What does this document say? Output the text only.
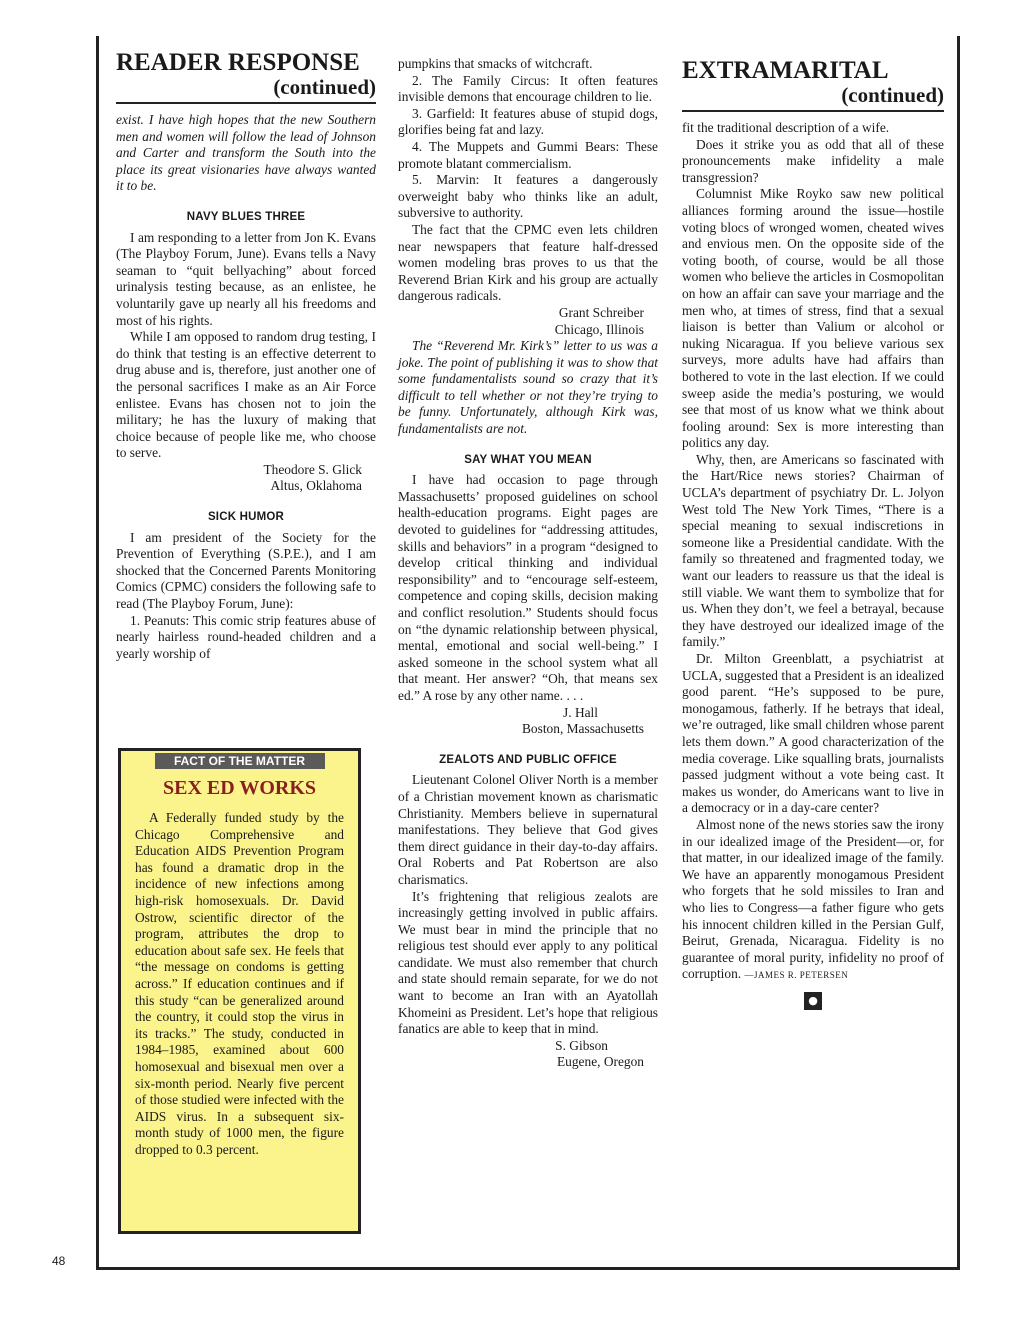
READER RESPONSE
(continued)

exist. I have high hopes that the new Southern men and women will follow the lead of Johnson and Carter and transform the South into the place its great visionaries have always wanted it to be.

NAVY BLUES THREE

I am responding to a letter from Jon K. Evans (The Playboy Forum, June). Evans tells a Navy seaman to “quit bellyaching” about forced urinalysis testing because, as an enlistee, he voluntarily gave up nearly all his freedoms and most of his rights.

While I am opposed to random drug testing, I do think that testing is an effective deterrent to drug abuse and is, therefore, just another one of the personal sacrifices I make as an Air Force enlistee. Evans has chosen not to join the military; he has the luxury of making that choice because of people like me, who choose to serve.

Theodore S. Glick

Altus, Oklahoma

SICK HUMOR

I am president of the Society for the Prevention of Everything (S.P.E.), and I am shocked that the Concerned Parents Monitoring Comics (CPMC) considers the following safe to read (The Playboy Forum, June):

1. Peanuts: This comic strip features abuse of nearly hairless round-headed children and a yearly worship of

FACT OF THE MATTER
SEX ED WORKS

A Federally funded study by the Chicago Comprehensive and Education AIDS Prevention Program has found a dramatic drop in the incidence of new infections among high-risk homosexuals. Dr. David Ostrow, scientific director of the program, attributes the drop to education about safe sex. He feels that “the message on condoms is getting across.” If education continues and if this study “can be generalized around the country, it could stop the virus in its tracks.” The study, conducted in 1984–1985, examined about 600 homosexual and bisexual men over a six-month period. Nearly five percent of those studied were infected with the AIDS virus. In a subsequent six-month study of 1000 men, the figure dropped to 0.3 percent.

pumpkins that smacks of witchcraft.

2. The Family Circus: It often features invisible demons that encourage children to lie.

3. Garfield: It features abuse of stupid dogs, glorifies being fat and lazy.

4. The Muppets and Gummi Bears: These promote blatant commercialism.

5. Marvin: It features a dangerously overweight baby who thinks like an adult, subversive to authority.

The fact that the CPMC even lets children near newspapers that feature half-dressed women modeling bras proves to us that the Reverend Brian Kirk and his group are actually dangerous radicals.

Grant Schreiber

Chicago, Illinois

The “Reverend Mr. Kirk’s” letter to us was a joke. The point of publishing it was to show that some fundamentalists sound so crazy that it’s difficult to tell whether or not they’re trying to be funny. Unfortunately, although Kirk was, fundamentalists are not.

SAY WHAT YOU MEAN

I have had occasion to page through Massachusetts’ proposed guidelines on school health-education programs. Eight pages are devoted to guidelines for “addressing attitudes, skills and behaviors” in a program “designed to develop critical thinking and individual responsibility” and to “encourage self-esteem, competence and coping skills, decision making and conflict resolution.” Students should focus on “the dynamic relationship between physical, mental, emotional and social well-being.” I asked someone in the school system what all that meant. Her answer? “Oh, that means sex ed.” A rose by any other name. . . .

J. Hall

Boston, Massachusetts

ZEALOTS AND PUBLIC OFFICE

Lieutenant Colonel Oliver North is a member of a Christian movement known as charismatic Christianity. Members believe in supernatural manifestations. They believe that God gives them direct guidance in their day-to-day affairs. Oral Roberts and Pat Robertson are also charismatics.

It’s frightening that religious zealots are increasingly getting involved in public affairs. We must bear in mind the principle that no religious test should ever apply to any political candidate. We must also remember that church and state should remain separate, for we do not want to become an Iran with an Ayatollah Khomeini as President. Let’s hope that religious fanatics are able to keep that in mind.

S. Gibson

Eugene, Oregon

EXTRAMARITAL
(continued)

fit the traditional description of a wife.

Does it strike you as odd that all of these pronouncements make infidelity a male transgression?

Columnist Mike Royko saw new political alliances forming around the issue—hostile voting blocs of wronged women, cheated wives and envious men. On the opposite side of the voting booth, of course, would be all those women who believe the articles in Cosmopolitan on how an affair can save your marriage and the men who, at times of stress, find that a sexual liaison is better than Valium or alcohol or nuking Nicaragua. If you believe various sex surveys, more adults have had affairs than bothered to vote in the last election. If we could sweep aside the media’s posturing, we would see that most of us know what we think about fooling around: Sex is more interesting than politics any day.

Why, then, are Americans so fascinated with the Hart/Rice news stories? Chairman of UCLA’s department of psychiatry Dr. L. Jolyon West told The New York Times, “There is a special meaning to sexual indiscretions in someone like a Presidential candidate. With the family so threatened and fragmented today, we want our leaders to reassure us that the ideal is still viable. We want them to symbolize that for us. When they don’t, we feel a betrayal, because they have destroyed our idealized image of the family.”

Dr. Milton Greenblatt, a psychiatrist at UCLA, suggested that a President is an idealized good parent. “He’s supposed to be pure, monogamous, fatherly. If he betrays that ideal, we’re outraged, like small children whose parent lets them down.” A good characterization of the media coverage. Like squalling brats, journalists passed judgment without a vote being cast. It makes us wonder, do Americans want to live in a democracy or in a day-care center?

Almost none of the news stories saw the irony in our idealized image of the President—or, for that matter, in our idealized image of the family. We have an apparently monogamous President who forgets that he sold missiles to Iran and who lies to Congress—a father figure who gets his innocent children killed in the Persian Gulf, Beirut, Grenada, Nicaragua. Fidelity is no guarantee of moral purity, infidelity no proof of corruption. —JAMES R. PETERSEN

●
48
